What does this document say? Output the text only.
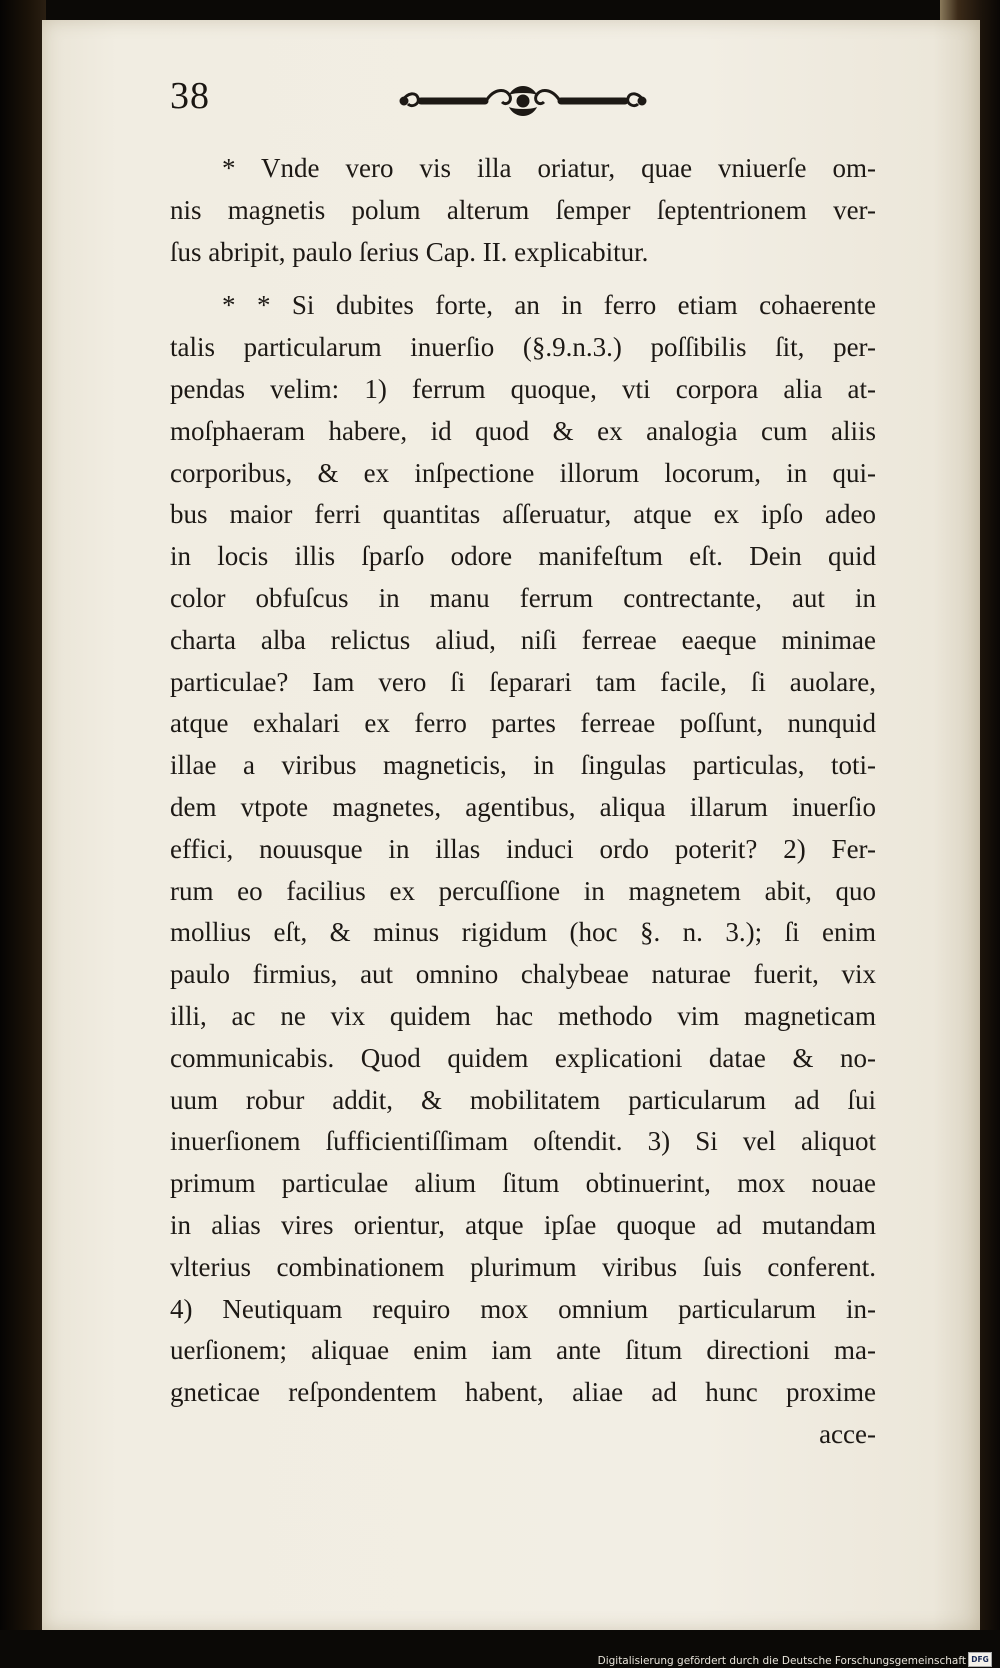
38
* Vnde vero vis illa oriatur, quae vniuerſe om-
nis magnetis polum alterum ſemper ſeptentrionem ver-
ſus abripit, paulo ſerius Cap. II. explicabitur.
* * Si dubites forte, an in ferro etiam cohaerente
talis particularum inuerſio (§.9.n.3.) poſſibilis ſit, per-
pendas velim: 1) ferrum quoque, vti corpora alia at-
moſphaeram habere, id quod & ex analogia cum aliis
corporibus, & ex inſpectione illorum locorum, in qui-
bus maior ferri quantitas aſſeruatur, atque ex ipſo adeo
in locis illis ſparſo odore manifeſtum eſt. Dein quid
color obfuſcus in manu ferrum contrectante, aut in
charta alba relictus aliud, niſi ferreae eaeque minimae
particulae? Iam vero ſi ſeparari tam facile, ſi auolare,
atque exhalari ex ferro partes ferreae poſſunt, nunquid
illae a viribus magneticis, in ſingulas particulas, toti-
dem vtpote magnetes, agentibus, aliqua illarum inuerſio
effici, nouusque in illas induci ordo poterit? 2) Fer-
rum eo facilius ex percuſſione in magnetem abit, quo
mollius eſt, & minus rigidum (hoc §. n. 3.); ſi enim
paulo firmius, aut omnino chalybeae naturae fuerit, vix
illi, ac ne vix quidem hac methodo vim magneticam
communicabis. Quod quidem explicationi datae & no-
uum robur addit, & mobilitatem particularum ad ſui
inuerſionem ſufficientiſſimam oſtendit. 3) Si vel aliquot
primum particulae alium ſitum obtinuerint, mox nouae
in alias vires orientur, atque ipſae quoque ad mutandam
vlterius combinationem plurimum viribus ſuis conferent.
4) Neutiquam requiro mox omnium particularum in-
uerſionem; aliquae enim iam ante ſitum directioni ma-
gneticae reſpondentem habent, aliae ad hunc proxime
acce-
Digitalisierung gefördert durch die Deutsche Forschungsgemeinschaft DFG
